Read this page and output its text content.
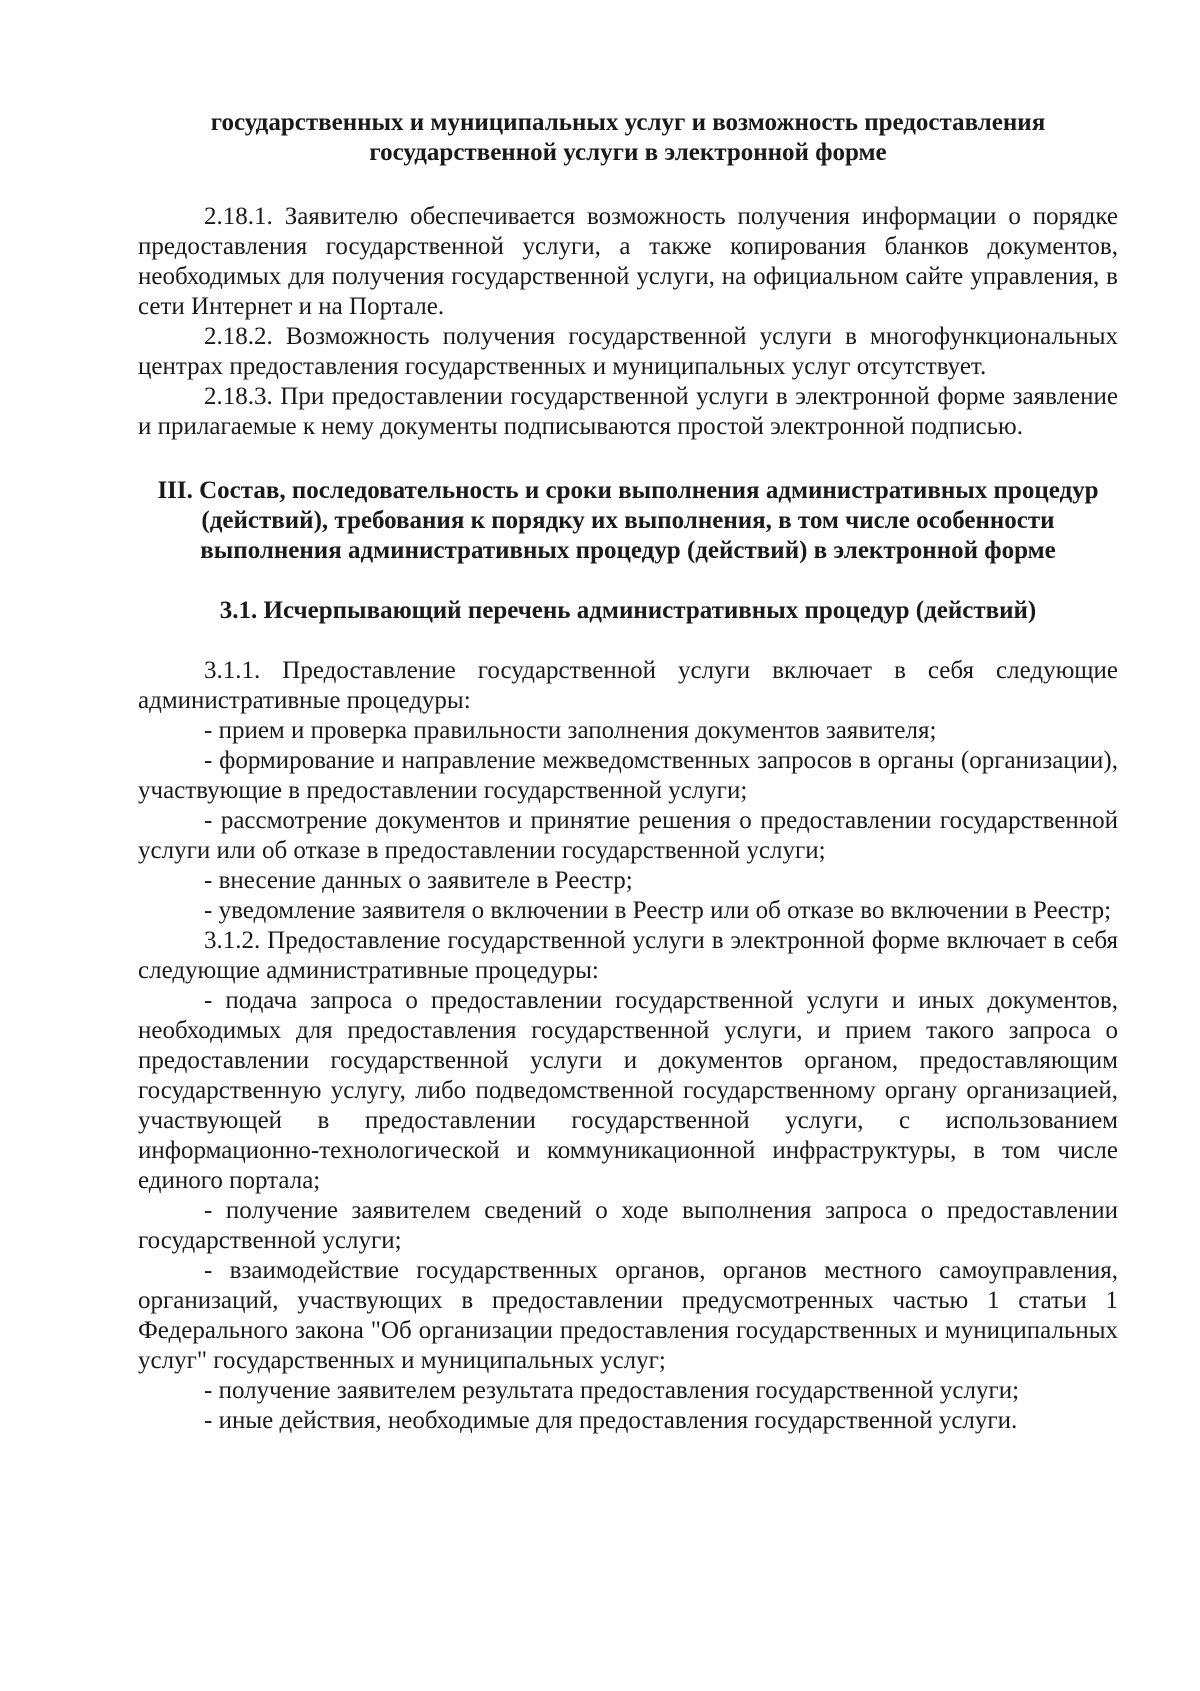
государственных и муниципальных услуг и возможность предоставления государственной услуги в электронной форме

2.18.1. Заявителю обеспечивается возможность получения информации о порядке предоставления государственной услуги, а также копирования бланков документов, необходимых для получения государственной услуги, на официальном сайте управления, в сети Интернет и на Портале.

2.18.2. Возможность получения государственной услуги в многофункциональных центрах предоставления государственных и муниципальных услуг отсутствует.

2.18.3. При предоставлении государственной услуги в электронной форме заявление и прилагаемые к нему документы подписываются простой электронной подписью.

III. Состав, последовательность и сроки выполнения административных процедур (действий), требования к порядку их выполнения, в том числе особенности выполнения административных процедур (действий) в электронной форме

3.1. Исчерпывающий перечень административных процедур (действий)

3.1.1. Предоставление государственной услуги включает в себя следующие административные процедуры:

- прием и проверка правильности заполнения документов заявителя;

- формирование и направление межведомственных запросов в органы (организации), участвующие в предоставлении государственной услуги;

- рассмотрение документов и принятие решения о предоставлении государственной услуги или об отказе в предоставлении государственной услуги;

- внесение данных о заявителе в Реестр;

- уведомление заявителя о включении в Реестр или об отказе во включении в Реестр;

3.1.2. Предоставление государственной услуги в электронной форме включает в себя следующие административные процедуры:

- подача запроса о предоставлении государственной услуги и иных документов, необходимых для предоставления государственной услуги, и прием такого запроса о предоставлении государственной услуги и документов органом, предоставляющим государственную услугу, либо подведомственной государственному органу организацией, участвующей в предоставлении государственной услуги, с использованием информационно-технологической и коммуникационной инфраструктуры, в том числе единого портала;

- получение заявителем сведений о ходе выполнения запроса о предоставлении государственной услуги;

- взаимодействие государственных органов, органов местного самоуправления, организаций, участвующих в предоставлении предусмотренных частью 1 статьи 1 Федерального закона "Об организации предоставления государственных и муниципальных услуг" государственных и муниципальных услуг;

- получение заявителем результата предоставления государственной услуги;

- иные действия, необходимые для предоставления государственной услуги.
